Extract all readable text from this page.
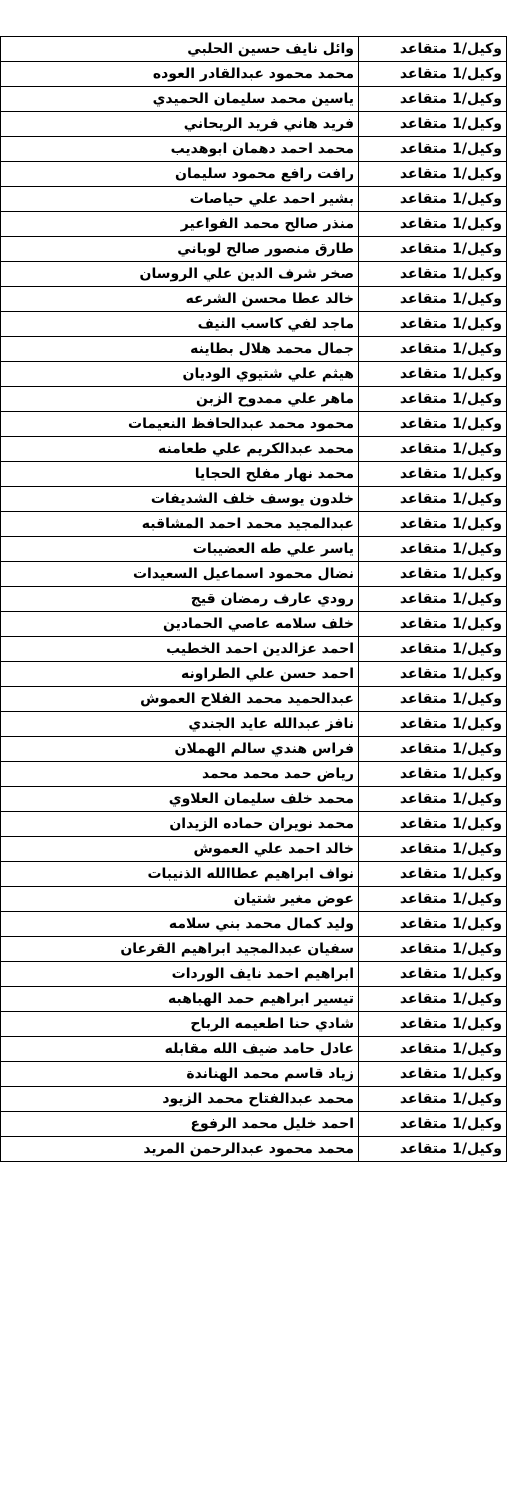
وكيل/1 متقاعد	وائل نايف حسين الحلبي
وكيل/1 متقاعد	محمد محمود عبدالقادر العوده
وكيل/1 متقاعد	ياسين محمد سليمان الحميدي
وكيل/1 متقاعد	فريد هاني فريد الريحاني
وكيل/1 متقاعد	محمد احمد دهمان ابوهديب
وكيل/1 متقاعد	رافت رافع محمود سليمان
وكيل/1 متقاعد	بشير احمد علي حياصات
وكيل/1 متقاعد	منذر صالح محمد الفواعير
وكيل/1 متقاعد	طارق منصور صالح لوباني
وكيل/1 متقاعد	صخر شرف الدين علي الروسان
وكيل/1 متقاعد	خالد عطا محسن الشرعه
وكيل/1 متقاعد	ماجد لفي كاسب النيف
وكيل/1 متقاعد	جمال محمد هلال بطاينه
وكيل/1 متقاعد	هيثم علي شتيوي الوديان
وكيل/1 متقاعد	ماهر علي ممدوح الزبن
وكيل/1 متقاعد	محمود محمد عبدالحافظ النعيمات
وكيل/1 متقاعد	محمد عبدالكريم علي طعامنه
وكيل/1 متقاعد	محمد نهار مفلح الحجايا
وكيل/1 متقاعد	خلدون يوسف خلف الشديفات
وكيل/1 متقاعد	عبدالمجيد محمد احمد المشاقبه
وكيل/1 متقاعد	ياسر علي طه العضيبات
وكيل/1 متقاعد	نضال محمود اسماعيل السعيدات
وكيل/1 متقاعد	رودي عارف رمضان قيج
وكيل/1 متقاعد	خلف سلامه عاصي الحمادين
وكيل/1 متقاعد	احمد عزالدين احمد الخطيب
وكيل/1 متقاعد	احمد حسن علي الطراونه
وكيل/1 متقاعد	عبدالحميد محمد الفلاح العموش
وكيل/1 متقاعد	نافز عبدالله عايد الجندي
وكيل/1 متقاعد	فراس هندي سالم الهملان
وكيل/1 متقاعد	رياض حمد محمد محمد
وكيل/1 متقاعد	محمد خلف سليمان العلاوي
وكيل/1 متقاعد	محمد نويران حماده الزيدان
وكيل/1 متقاعد	خالد احمد علي العموش
وكيل/1 متقاعد	نواف ابراهيم عطاالله الذنيبات
وكيل/1 متقاعد	عوض مغير شتيان
وكيل/1 متقاعد	وليد كمال محمد بني سلامه
وكيل/1 متقاعد	سفيان عبدالمجيد ابراهيم القرعان
وكيل/1 متقاعد	ابراهيم احمد نايف الوردات
وكيل/1 متقاعد	تيسير ابراهيم حمد الهباهبه
وكيل/1 متقاعد	شادي حنا اطعيمه الرباح
وكيل/1 متقاعد	عادل حامد ضيف الله مقابله
وكيل/1 متقاعد	زياد قاسم محمد الهناندة
وكيل/1 متقاعد	محمد عبدالفتاح محمد الزيود
وكيل/1 متقاعد	احمد خليل محمد الرفوع
وكيل/1 متقاعد	محمد محمود عبدالرحمن المريد
